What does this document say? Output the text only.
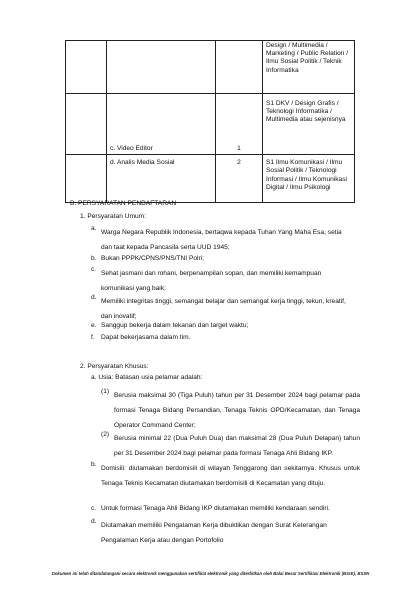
			Design / Multimedia / Marketing / Public Relation / Ilmu Sosial Politik / Teknik Informatika
	c. Video Editor	1	S1 DKV / Design Grafis / Teknologi Informatika / Multimedia atau sejenisnya
	d. Analis Media Sosial	2	S1 Ilmu Komunikasi / Ilmu Sosial Politik / Teknologi Informasi / Ilmu Komunikasi Digital / Ilmu Psikologi
B. PERSYARATAN PENDAFTARAN
1. Persyaratan Umum:
a.
Warga Negara Republik Indonesia, bertaqwa kepada Tuhan Yang Maha Esa, setia dan taat kepada Pancasila serta UUD 1945;
b. Bukan PPPK/CPNS/PNS/TNI Polri;
c.
Sehat jasmani dan rohani, berpenampilan sopan, dan memiliki kemampuan komunikasi yang baik;
d.
Memiliki integritas tinggi, semangat belajar dan semangat kerja tinggi, tekun, kreatif, dan inovatif;
e. Sanggup bekerja dalam tekanan dan target waktu;
f. Dapat bekerjasama dalam tim.
2. Persyaratan Khusus:
a. Usia: Batasan usia pelamar adalah:
(1)
Berusia maksimal 30 (Tiga Puluh) tahun per 31 Desember 2024 bagi pelamar pada formasi Tenaga Bidang Persandian, Tenaga Teknis OPD/Kecamatan, dan Tenaga Operator Command Center;
(2)
Berusia minimal 22 (Dua Puluh Dua) dan maksimal 28 (Dua Puluh Delapan) tahun per 31 Desember 2024 bagi pelamar pada formasi Tenaga Ahli Bidang IKP.
b.
Domisili: diutamakan berdomisili di wilayah Tenggarong dan sekitarnya. Khusus untuk Tenaga Teknis Kecamatan diutamakan berdomisili di Kecamatan yang dituju.
c. Untuk formasi Tenaga Ahli Bidang IKP diutamakan memiliki kendaraan sendiri.
d.
Diutamakan memiliki Pengalaman Kerja dibuktikan dengan Surat Keterangan Pengalaman Kerja atau dengan Portofolio
Dokumen ini telah ditandatangani secara elektronik menggunakan sertifikat elektronik yang diterbitkan oleh Balai Besar Sertifikasi Elektronik (BSrE), BSSN
